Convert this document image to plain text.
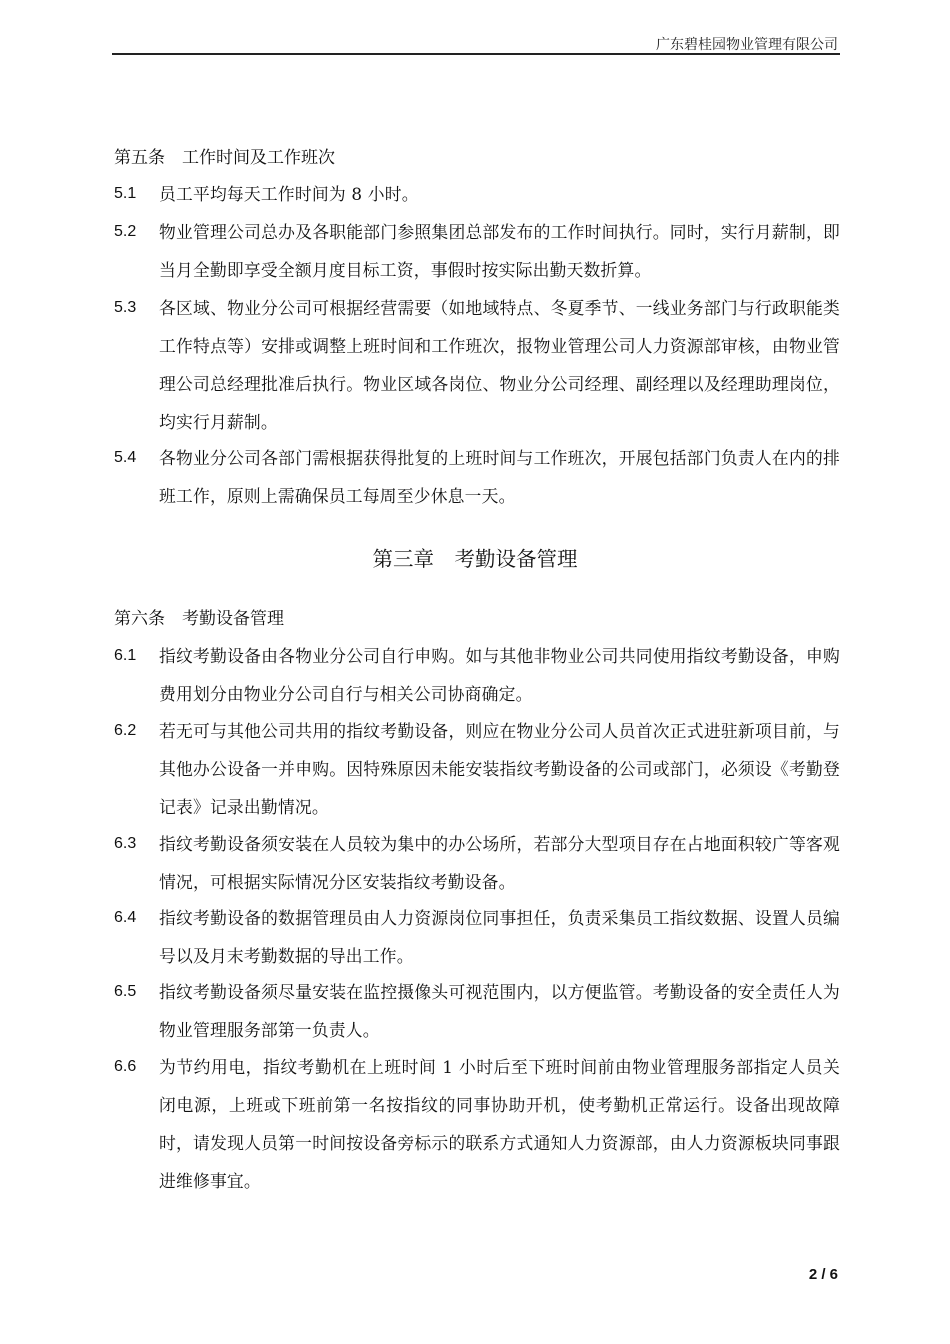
广东碧桂园物业管理有限公司
第五条　工作时间及工作班次
5.1 员工平均每天工作时间为 8 小时。
5.2 物业管理公司总办及各职能部门参照集团总部发布的工作时间执行。同时，实行月薪制，即当月全勤即享受全额月度目标工资，事假时按实际出勤天数折算。
5.3 各区域、物业分公司可根据经营需要（如地域特点、冬夏季节、一线业务部门与行政职能类工作特点等）安排或调整上班时间和工作班次，报物业管理公司人力资源部审核，由物业管理公司总经理批准后执行。物业区域各岗位、物业分公司经理、副经理以及经理助理岗位，均实行月薪制。
5.4 各物业分公司各部门需根据获得批复的上班时间与工作班次，开展包括部门负责人在内的排班工作，原则上需确保员工每周至少休息一天。
第三章　考勤设备管理
第六条　考勤设备管理
6.1 指纹考勤设备由各物业分公司自行申购。如与其他非物业公司共同使用指纹考勤设备，申购费用划分由物业分公司自行与相关公司协商确定。
6.2 若无可与其他公司共用的指纹考勤设备，则应在物业分公司人员首次正式进驻新项目前，与其他办公设备一并申购。因特殊原因未能安装指纹考勤设备的公司或部门，必须设《考勤登记表》记录出勤情况。
6.3 指纹考勤设备须安装在人员较为集中的办公场所，若部分大型项目存在占地面积较广等客观情况，可根据实际情况分区安装指纹考勤设备。
6.4 指纹考勤设备的数据管理员由人力资源岗位同事担任，负责采集员工指纹数据、设置人员编号以及月末考勤数据的导出工作。
6.5 指纹考勤设备须尽量安装在监控摄像头可视范围内，以方便监管。考勤设备的安全责任人为物业管理服务部第一负责人。
6.6 为节约用电，指纹考勤机在上班时间 1 小时后至下班时间前由物业管理服务部指定人员关闭电源，上班或下班前第一名按指纹的同事协助开机，使考勤机正常运行。设备出现故障时，请发现人员第一时间按设备旁标示的联系方式通知人力资源部，由人力资源板块同事跟进维修事宜。
2 / 6
